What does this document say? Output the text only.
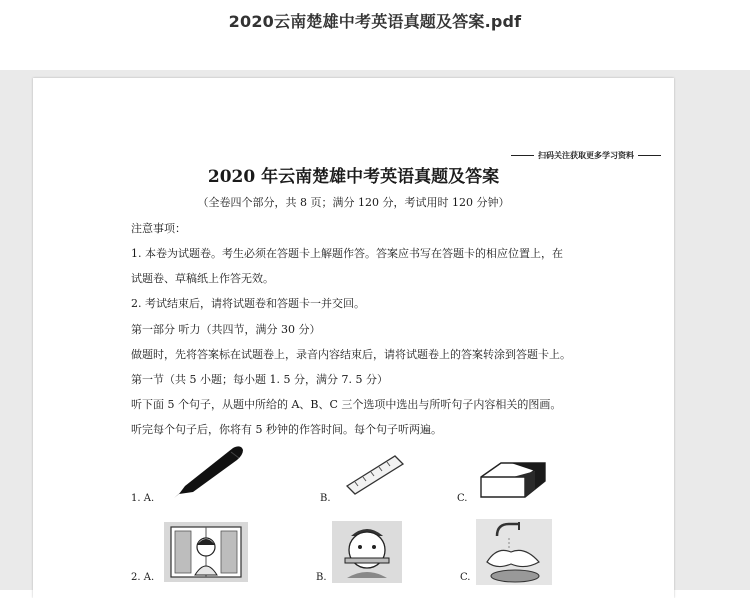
2020云南楚雄中考英语真题及答案.pdf
扫码关注获取更多学习资料
2020 年云南楚雄中考英语真题及答案
（全卷四个部分，共 8 页；满分 120 分，考试用时 120 分钟）
注意事项：
1. 本卷为试题卷。考生必须在答题卡上解题作答。答案应书写在答题卡的相应位置上，在
试题卷、草稿纸上作答无效。
2. 考试结束后，请将试题卷和答题卡一并交回。
第一部分 听力（共四节，满分 30 分）
做题时，先将答案标在试题卷上，录音内容结束后，请将试题卷上的答案转涂到答题卡上。
第一节（共 5 小题；每小题 1. 5 分，满分 7. 5 分）
听下面 5 个句子，从题中所给的 A、B、C 三个选项中选出与所听句子内容相关的图画。
听完每个句子后，你将有 5 秒钟的作答时间。每个句子听两遍。
1. A.	B.	C.
2. A.	B.	C.
